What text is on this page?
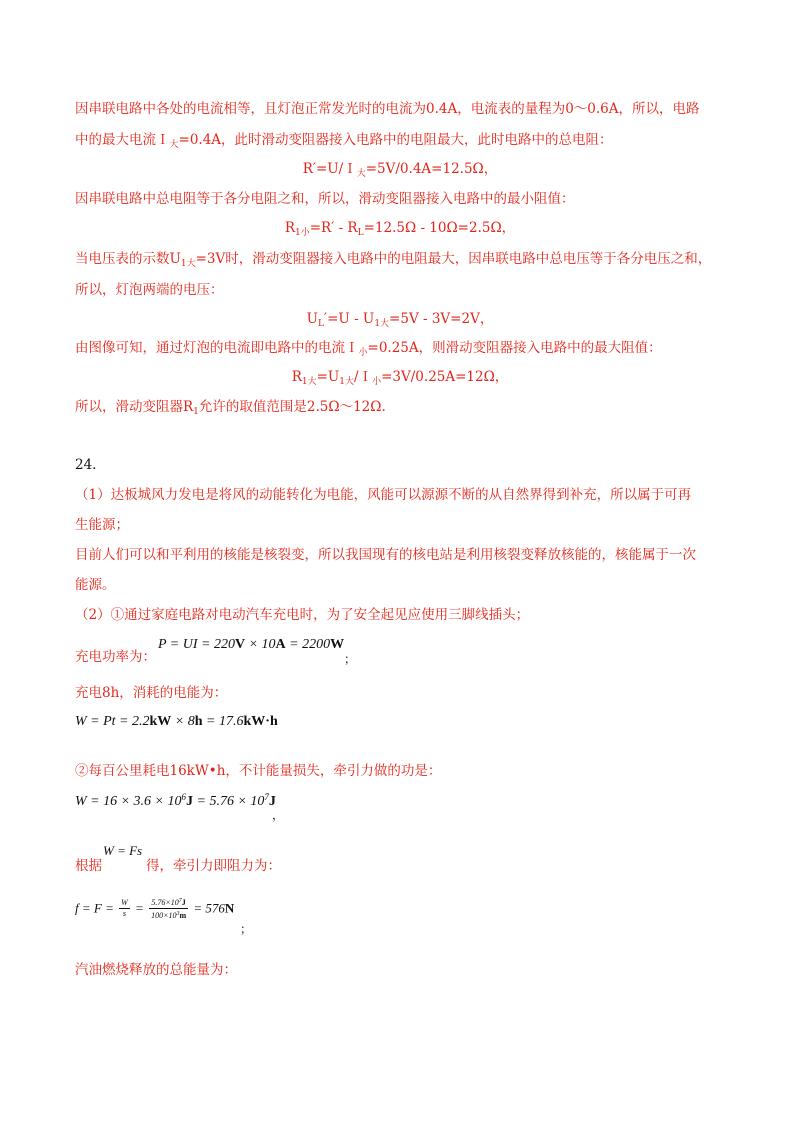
因串联电路中各处的电流相等，且灯泡正常发光时的电流为0.4A，电流表的量程为0～0.6A，所以，电路
中的最大电流Ｉ$_大$=0.4A，此时滑动变阻器接入电路中的电阻最大，此时电路中的总电阻：
R′=U/Ｉ$_大$=5V/0.4A=12.5Ω，
因串联电路中总电阻等于各分电阻之和，所以，滑动变阻器接入电路中的最小阻值：
$R_{1小}=R' - R_L=12.5\Omega - 10\Omega=2.5\Omega$，
当电压表的示数$U_{1大}=3V$时，滑动变阻器接入电路中的电阻最大，因串联电路中总电压等于各分电压之和，
所以，灯泡两端的电压：
$U_L'=U - U_{1大}=5V - 3V=2V$，
由图像可知，通过灯泡的电流即电路中的电流Ｉ$_小$=0.25A，则滑动变阻器接入电路中的最大阻值：
$R_{1大}=U_{1大}/I_小=3V/0.25A=12\Omega$，
所以，滑动变阻器$R_1$允许的取值范围是2.5Ω～12Ω.
24.
（1）达板城风力发电是将风的动能转化为电能，风能可以源源不断的从自然界得到补充，所以属于可再
生能源；
目前人们可以和平利用的核能是核裂变，所以我国现有的核电站是利用核裂变释放核能的，核能属于一次
能源。
（2）①通过家庭电路对电动汽车充电时，为了安全起见应使用三脚线插头；
充电功率为：
P = UI = 220V × 10A = 2200W
；
充电8h，消耗的电能为：
W = Pt = 2.2kW × 8h = 17.6kW·h
②每百公里耗电16kW•h，不计能量损失，牵引力做的功是：
$W = 16 \times 3.6 \times 10^6J = 5.76 \times 10^7J$
，
根据
W = Fs
得，牵引力即阻力为：
$f = F = \frac{W}{s} = \frac{5.76\times 10^7J}{100\times 10^3m} = 576N$
；
汽油燃烧释放的总能量为：
